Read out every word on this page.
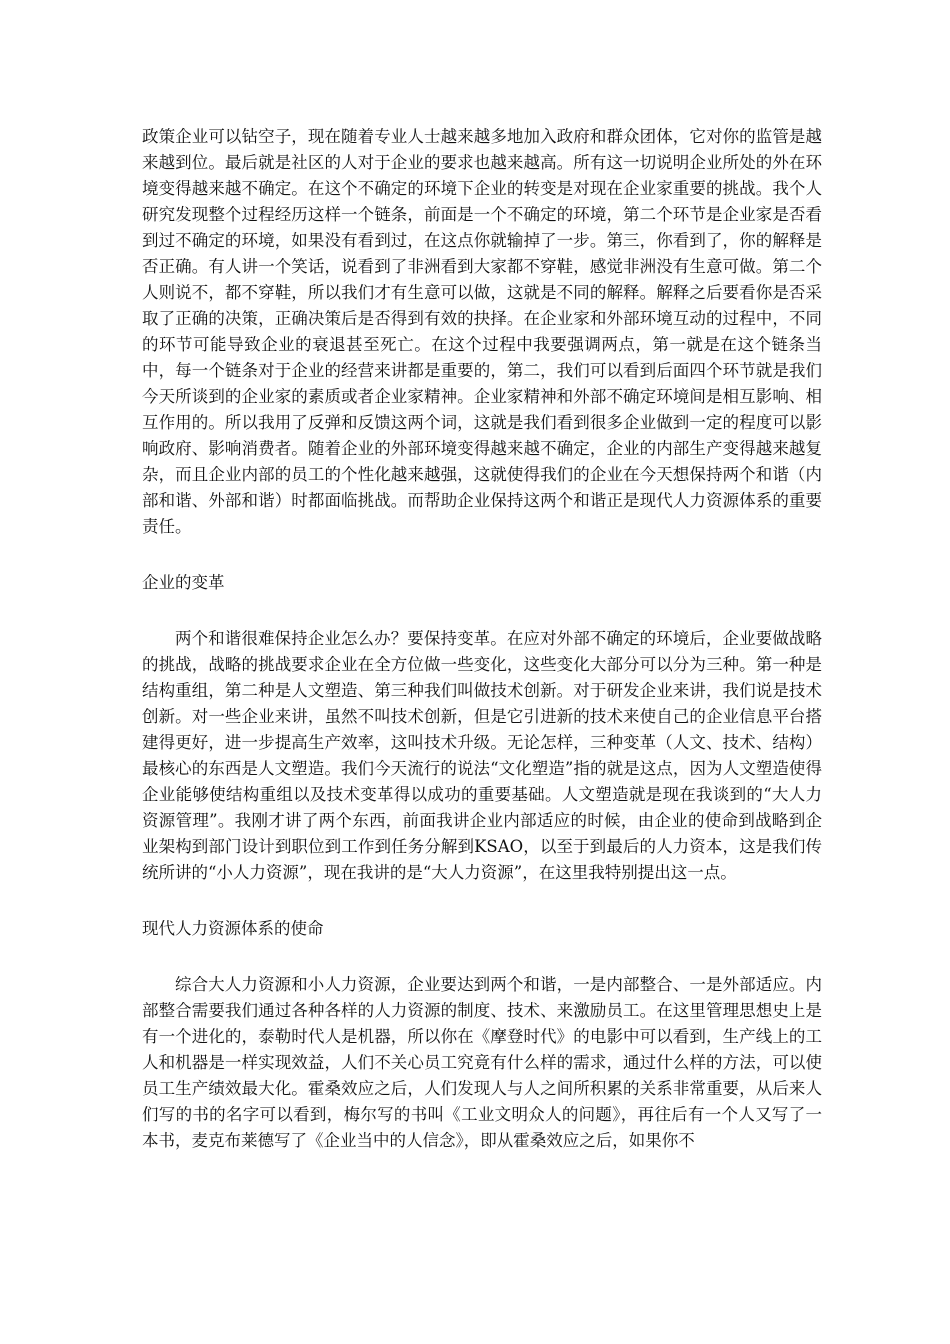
政策企业可以钻空子，现在随着专业人士越来越多地加入政府和群众团体，它对你的监管是越来越到位。最后就是社区的人对于企业的要求也越来越高。所有这一切说明企业所处的外在环境变得越来越不确定。在这个不确定的环境下企业的转变是对现在企业家重要的挑战。我个人研究发现整个过程经历这样一个链条，前面是一个不确定的环境，第二个环节是企业家是否看到过不确定的环境，如果没有看到过，在这点你就输掉了一步。第三，你看到了，你的解释是否正确。有人讲一个笑话，说看到了非洲看到大家都不穿鞋，感觉非洲没有生意可做。第二个人则说不，都不穿鞋，所以我们才有生意可以做，这就是不同的解释。解释之后要看你是否采取了正确的决策，正确决策后是否得到有效的抉择。在企业家和外部环境互动的过程中，不同的环节可能导致企业的衰退甚至死亡。在这个过程中我要强调两点，第一就是在这个链条当中，每一个链条对于企业的经营来讲都是重要的，第二，我们可以看到后面四个环节就是我们今天所谈到的企业家的素质或者企业家精神。企业家精神和外部不确定环境间是相互影响、相互作用的。所以我用了反弹和反馈这两个词，这就是我们看到很多企业做到一定的程度可以影响政府、影响消费者。随着企业的外部环境变得越来越不确定，企业的内部生产变得越来越复杂，而且企业内部的员工的个性化越来越强，这就使得我们的企业在今天想保持两个和谐（内部和谐、外部和谐）时都面临挑战。而帮助企业保持这两个和谐正是现代人力资源体系的重要责任。

企业的变革

两个和谐很难保持企业怎么办？要保持变革。在应对外部不确定的环境后，企业要做战略的挑战，战略的挑战要求企业在全方位做一些变化，这些变化大部分可以分为三种。第一种是结构重组，第二种是人文塑造、第三种我们叫做技术创新。对于研发企业来讲，我们说是技术创新。对一些企业来讲，虽然不叫技术创新，但是它引进新的技术来使自己的企业信息平台搭建得更好，进一步提高生产效率，这叫技术升级。无论怎样，三种变革（人文、技术、结构）最核心的东西是人文塑造。我们今天流行的说法“文化塑造”指的就是这点，因为人文塑造使得企业能够使结构重组以及技术变革得以成功的重要基础。人文塑造就是现在我谈到的“大人力资源管理”。我刚才讲了两个东西，前面我讲企业内部适应的时候，由企业的使命到战略到企业架构到部门设计到职位到工作到任务分解到KSAO，以至于到最后的人力资本，这是我们传统所讲的“小人力资源”，现在我讲的是“大人力资源”，在这里我特别提出这一点。

现代人力资源体系的使命

综合大人力资源和小人力资源，企业要达到两个和谐，一是内部整合、一是外部适应。内部整合需要我们通过各种各样的人力资源的制度、技术、来激励员工。在这里管理思想史上是有一个进化的，泰勒时代人是机器，所以你在《摩登时代》的电影中可以看到，生产线上的工人和机器是一样实现效益，人们不关心员工究竟有什么样的需求，通过什么样的方法，可以使员工生产绩效最大化。霍桑效应之后，人们发现人与人之间所积累的关系非常重要，从后来人们写的书的名字可以看到，梅尔写的书叫《工业文明众人的问题》，再往后有一个人又写了一本书，麦克布莱德写了《企业当中的人信念》，即从霍桑效应之后，如果你不
